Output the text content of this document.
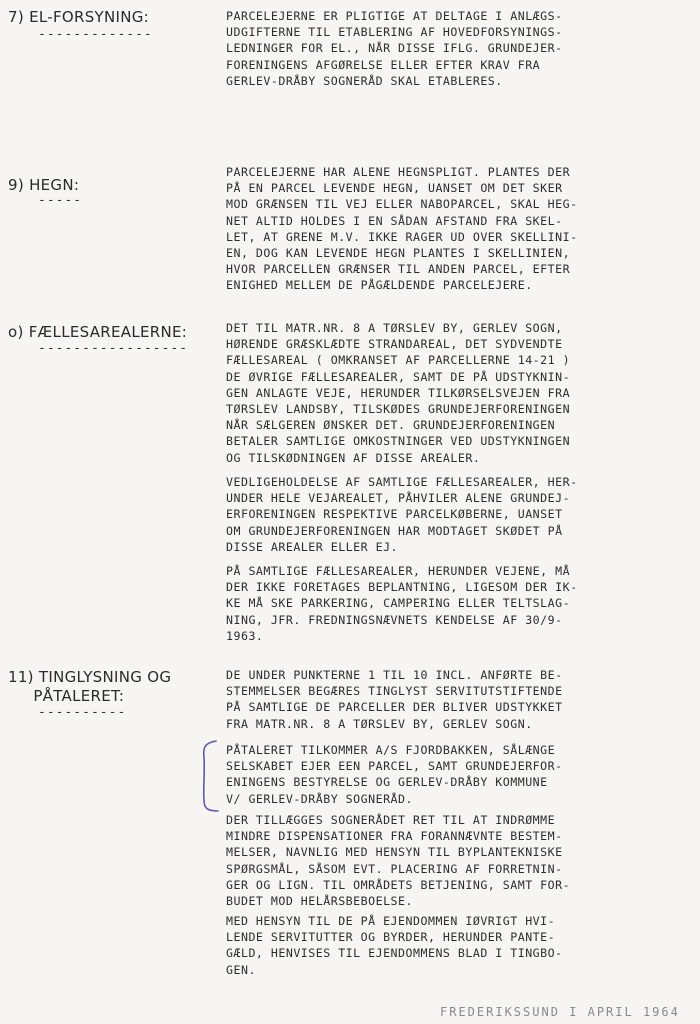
7) EL-FORSYNING:
-------------
PARCELEJERNE ER PLIGTIGE AT DELTAGE I ANLÆGS-
UDGIFTERNE TIL ETABLERING AF HOVEDFORSYNINGS-
LEDNINGER FOR EL., NÅR DISSE IFLG. GRUNDEJER-
FORENINGENS AFGØRELSE ELLER EFTER KRAV FRA
GERLEV-DRÅBY SOGNERÅD SKAL ETABLERES.
9) HEGN:
-----
PARCELEJERNE HAR ALENE HEGNSPLIGT. PLANTES DER
PÅ EN PARCEL LEVENDE HEGN, UANSET OM DET SKER
MOD GRÆNSEN TIL VEJ ELLER NABOPARCEL, SKAL HEG-
NET ALTID HOLDES I EN SÅDAN AFSTAND FRA SKEL-
LET, AT GRENE M.V. IKKE RAGER UD OVER SKELLINI-
EN, DOG KAN LEVENDE HEGN PLANTES I SKELLINIEN,
HVOR PARCELLEN GRÆNSER TIL ANDEN PARCEL, EFTER
ENIGHED MELLEM DE PÅGÆLDENDE PARCELEJERE.
o) FÆLLESAREALERNE:
-----------------
DET TIL MATR.NR. 8 A TØRSLEV BY, GERLEV SOGN,
HØRENDE GRÆSKLÆDTE STRANDAREAL, DET SYDVENDTE
FÆLLESAREAL ( OMKRANSET AF PARCELLERNE 14-21 )
DE ØVRIGE FÆLLESAREALER, SAMT DE PÅ UDSTYKNIN-
GEN ANLAGTE VEJE, HERUNDER TILKØRSELSVEJEN FRA
TØRSLEV LANDSBY, TILSKØDES GRUNDEJERFORENINGEN
NÅR SÆLGEREN ØNSKER DET. GRUNDEJERFORENINGEN
BETALER SAMTLIGE OMKOSTNINGER VED UDSTYKNINGEN
OG TILSKØDNINGEN AF DISSE AREALER.
VEDLIGEHOLDELSE AF SAMTLIGE FÆLLESAREALER, HER-
UNDER HELE VEJAREALET, PÅHVILER ALENE GRUNDEJ-
ERFORENINGEN RESPEKTIVE PARCELKØBERNE, UANSET
OM GRUNDEJERFORENINGEN HAR MODTAGET SKØDET PÅ
DISSE AREALER ELLER EJ.
PÅ SAMTLIGE FÆLLESAREALER, HERUNDER VEJENE, MÅ
DER IKKE FORETAGES BEPLANTNING, LIGESOM DER IK-
KE MÅ SKE PARKERING, CAMPERING ELLER TELTSLAG-
NING, JFR. FREDNINGSNÆVNETS KENDELSE AF 30/9-
1963.
11) TINGLYSNING OG
PÅTALERET:
----------
DE UNDER PUNKTERNE 1 TIL 10 INCL. ANFØRTE BE-
STEMMELSER BEGÆRES TINGLYST SERVITUTSTIFTENDE
PÅ SAMTLIGE DE PARCELLER DER BLIVER UDSTYKKET
FRA MATR.NR. 8 A TØRSLEV BY, GERLEV SOGN.
PÅTALERET TILKOMMER A/S FJORDBAKKEN, SÅLÆNGE
SELSKABET EJER EEN PARCEL, SAMT GRUNDEJERFOR-
ENINGENS BESTYRELSE OG GERLEV-DRÅBY KOMMUNE
V/ GERLEV-DRÅBY SOGNERÅD.
DER TILLÆGGES SOGNERÅDET RET TIL AT INDRØMME
MINDRE DISPENSATIONER FRA FORANNÆVNTE BESTEM-
MELSER, NAVNLIG MED HENSYN TIL BYPLANTEKNISKE
SPØRGSMÅL, SÅSOM EVT. PLACERING AF FORRETNIN-
GER OG LIGN. TIL OMRÅDETS BETJENING, SAMT FOR-
BUDET MOD HELÅRSBEBOELSE.
MED HENSYN TIL DE PÅ EJENDOMMEN IØVRIGT HVI-
LENDE SERVITUTTER OG BYRDER, HERUNDER PANTE-
GÆLD, HENVISES TIL EJENDOMMENS BLAD I TINGBO-
GEN.
FREDERIKSSUND I APRIL 1964
